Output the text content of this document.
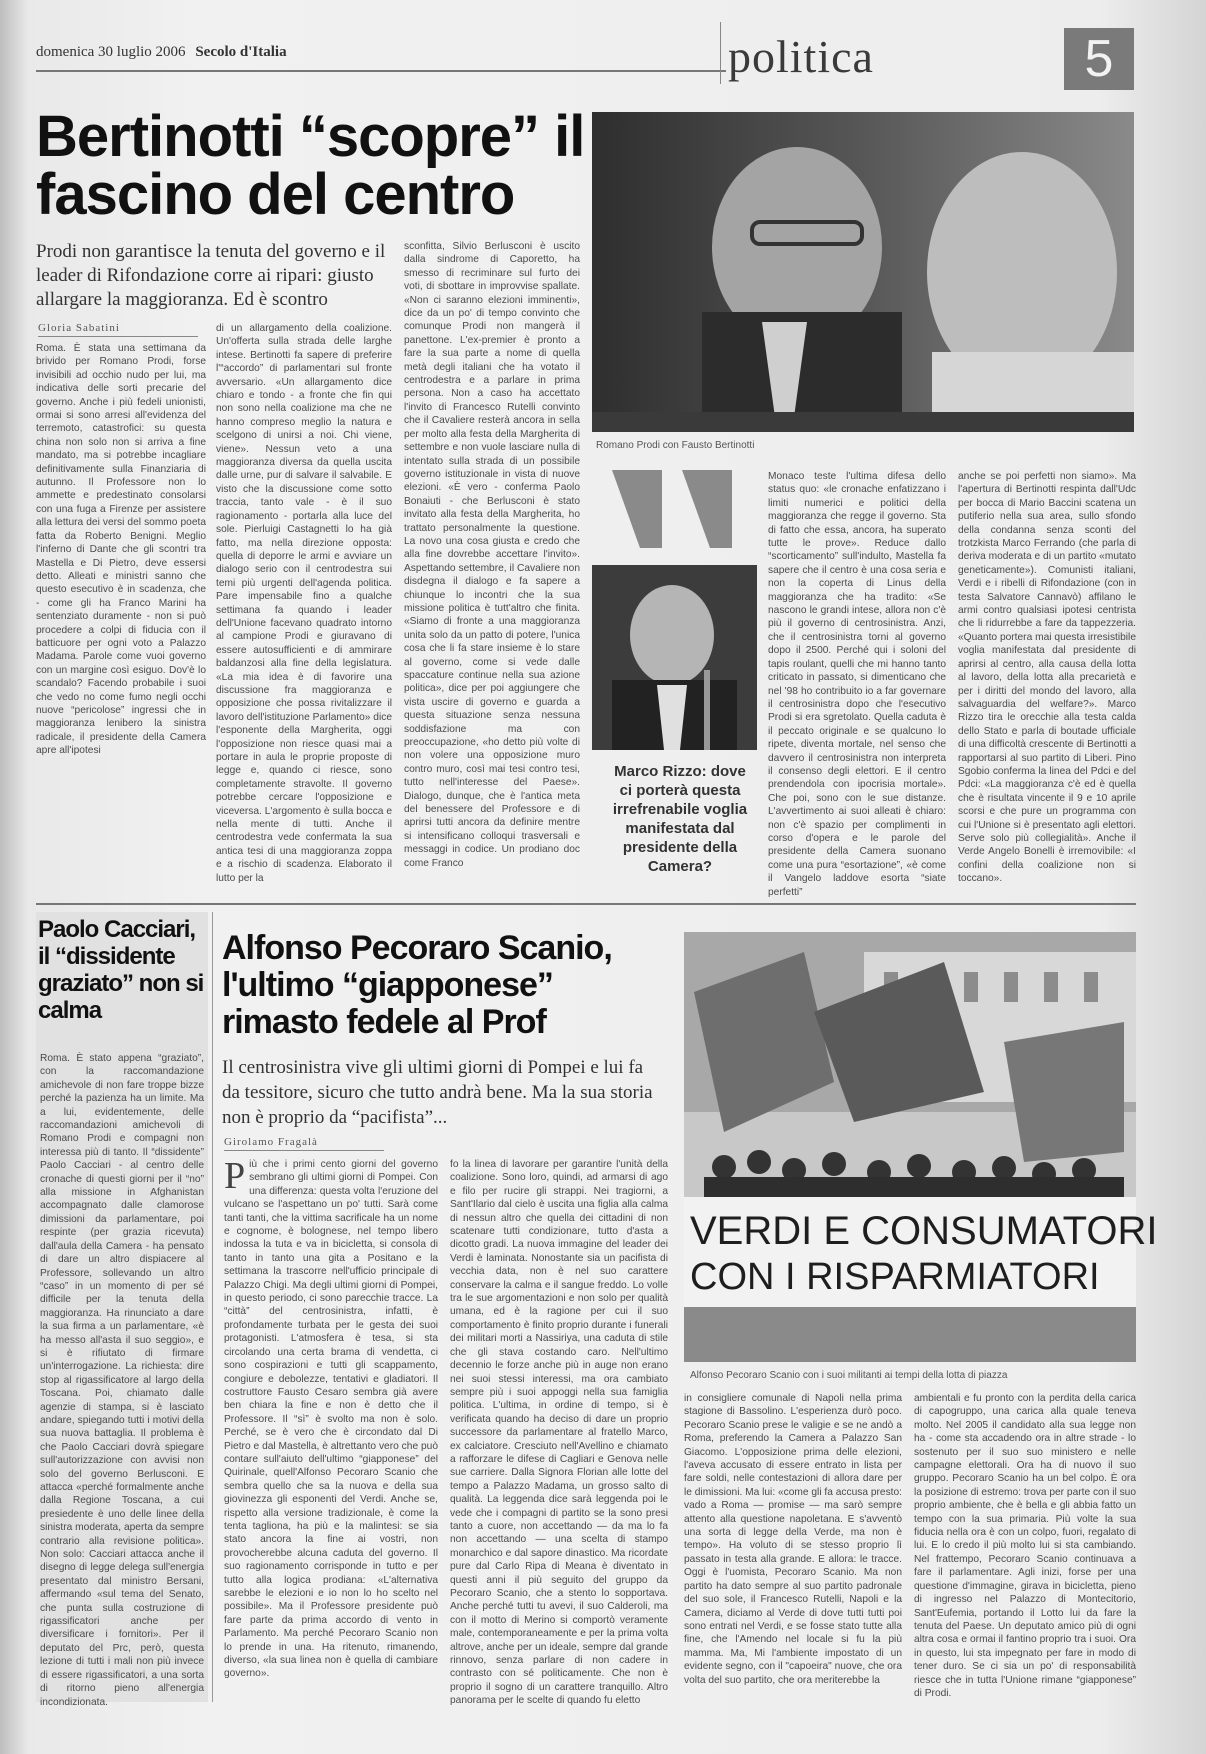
domenica 30 luglio 2006 Secolo d'Italia	politica	5
Bertinotti “scopre” il fascino del centro
Prodi non garantisce la tenuta del governo e il leader di Rifondazione corre ai ripari: giusto allargare la maggioranza. Ed è scontro
Gloria Sabatini
Roma. È stata una settimana da brivido per Romano Prodi, forse invisibili ad occhio nudo per lui, ma indicativa delle sorti precarie del governo. Anche i più fedeli unionisti, ormai si sono arresi all'evidenza del terremoto, catastrofici: su questa china non solo non si arriva a fine mandato, ma si potrebbe incagliare definitivamente sulla Finanziaria di autunno. Il Professore non lo ammette e predestinato consolarsi con una fuga a Firenze per assistere alla lettura dei versi del sommo poeta fatta da Roberto Benigni. Meglio l'inferno di Dante che gli scontri tra Mastella e Di Pietro, deve essersi detto. Alleati e ministri sanno che questo esecutivo è in scadenza, che - come gli ha Franco Marini ha sentenziato duramente - non si può procedere a colpi di fiducia con il batticuore per ogni voto a Palazzo Madama. Parole come vuoi governo con un margine così esiguo. Dov'è lo scandalo? Facendo probabile i suoi che vedo no come fumo negli occhi nuove “pericolose” ingressi che in maggioranza lenibero la sinistra radicale, il presidente della Camera apre all'ipotesi
di un allargamento della coalizione. Un'offerta sulla strada delle larghe intese. Bertinotti fa sapere di preferire l'“accordo” di parlamentari sul fronte avversario. «Un allargamento dice chiaro e tondo - a fronte che fin qui non sono nella coalizione ma che ne hanno compreso meglio la natura e scelgono di unirsi a noi. Chi viene, viene». Nessun veto a una maggioranza diversa da quella uscita dalle urne, pur di salvare il salvabile. E visto che la discussione come sotto traccia, tanto vale - è il suo ragionamento - portarla alla luce del sole. Pierluigi Castagnetti lo ha già fatto, ma nella direzione opposta: quella di deporre le armi e avviare un dialogo serio con il centrodestra sui temi più urgenti dell'agenda politica. Pare impensabile fino a qualche settimana fa quando i leader dell'Unione facevano quadrato intorno al campione Prodi e giuravano di essere autosufficienti e di ammirare baldanzosi alla fine della legislatura. «La mia idea è di favorire una discussione fra maggioranza e opposizione che possa rivitalizzare il lavoro dell'istituzione Parlamento» dice l'esponente della Margherita, oggi l'opposizione non riesce quasi mai a portare in aula le proprie proposte di legge e, quando ci riesce, sono completamente stravolte. Il governo potrebbe cercare l'opposizione e viceversa. L'argomento è sulla bocca e nella mente di tutti. Anche il centrodestra vede confermata la sua antica tesi di una maggioranza zoppa e a rischio di scadenza. Elaborato il lutto per la
sconfitta, Silvio Berlusconi è uscito dalla sindrome di Caporetto, ha smesso di recriminare sul furto dei voti, di sbottare in improvvise spallate. «Non ci saranno elezioni imminenti», dice da un po' di tempo convinto che comunque Prodi non mangerà il panettone. L'ex-premier è pronto a fare la sua parte a nome di quella metà degli italiani che ha votato il centrodestra e a parlare in prima persona. Non a caso ha accettato l'invito di Francesco Rutelli convinto che il Cavaliere resterà ancora in sella per molto alla festa della Margherita di settembre e non vuole lasciare nulla di intentato sulla strada di un possibile governo istituzionale in vista di nuove elezioni. «È vero - conferma Paolo Bonaiuti - che Berlusconi è stato invitato alla festa della Margherita, ho trattato personalmente la questione. La novo una cosa giusta e credo che alla fine dovrebbe accettare l'invito». Aspettando settembre, il Cavaliere non disdegna il dialogo e fa sapere a chiunque lo incontri che la sua missione politica è tutt'altro che finita. «Siamo di fronte a una maggioranza unita solo da un patto di potere, l'unica cosa che li fa stare insieme è lo stare al governo, come si vede dalle spaccature continue nella sua azione politica», dice per poi aggiungere che vista uscire di governo e guarda a questa situazione senza nessuna soddisfazione ma con preoccupazione, «ho detto più volte di non volere una opposizione muro contro muro, così mai tesi contro tesi, tutto nell'interesse del Paese». Dialogo, dunque, che è l'antica meta del benessere del Professore e di aprirsi tutti ancora da definire mentre si intensificano colloqui trasversali e messaggi in codice. Un prodiano doc come Franco
Romano Prodi con Fausto Bertinotti
Marco Rizzo: dove ci porterà questa irrefrenabile voglia manifestata dal presidente della Camera?
Monaco teste l'ultima difesa dello status quo: «le cronache enfatizzano i limiti numerici e politici della maggioranza che regge il governo. Sta di fatto che essa, ancora, ha superato tutte le prove». Reduce dallo “scorticamento” sull'indulto, Mastella fa sapere che il centro è una cosa seria e non la coperta di Linus della maggioranza che ha tradito: «Se nascono le grandi intese, allora non c'è più il governo di centrosinistra. Anzi, che il centrosinistra torni al governo dopo il 2500. Perché qui i soloni del tapis roulant, quelli che mi hanno tanto criticato in passato, si dimenticano che nel '98 ho contribuito io a far governare il centrosinistra dopo che l'esecutivo Prodi si era sgretolato. Quella caduta è il peccato originale e se qualcuno lo ripete, diventa mortale, nel senso che davvero il centrosinistra non interpreta il consenso degli elettori. E il centro prendendola con ipocrisia mortale». Che poi, sono con le sue distanze. L'avvertimento ai suoi alleati è chiaro: non c'è spazio per complimenti in corso d'opera e le parole del presidente della Camera suonano come una pura “esortazione”, «è come il Vangelo laddove esorta “siate perfetti”
anche se poi perfetti non siamo». Ma l'apertura di Bertinotti respinta dall'Udc per bocca di Mario Baccini scatena un putiferio nella sua area, sullo sfondo della condanna senza sconti del trotzkista Marco Ferrando (che parla di deriva moderata e di un partito «mutato geneticamente»). Comunisti italiani, Verdi e i ribelli di Rifondazione (con in testa Salvatore Cannavò) affilano le armi contro qualsiasi ipotesi centrista che li ridurrebbe a fare da tappezzeria. «Quanto portera mai questa irresistibile voglia manifestata dal presidente di aprirsi al centro, alla causa della lotta al lavoro, della lotta alla precarietà e per i diritti del mondo del lavoro, alla salvaguardia del welfare?». Marco Rizzo tira le orecchie alla testa calda dello Stato e parla di boutade ufficiale di una difficoltà crescente di Bertinotti a rapportarsi al suo partito di Liberi. Pino Sgobio conferma la linea del Pdci e del Pdci: «La maggioranza c'è ed è quella che è risultata vincente il 9 e 10 aprile scorsi e che pure un programma con cui l'Unione si è presentato agli elettori. Serve solo più collegialità». Anche il Verde Angelo Bonelli è irremovibile: «I confini della coalizione non si toccano».
Paolo Cacciari, il “dissidente graziato” non si calma
Roma. È stato appena “graziato”, con la raccomandazione amichevole di non fare troppe bizze perché la pazienza ha un limite. Ma a lui, evidentemente, delle raccomandazioni amichevoli di Romano Prodi e compagni non interessa più di tanto. Il “dissidente” Paolo Cacciari - al centro delle cronache di questi giorni per il “no” alla missione in Afghanistan accompagnato dalle clamorose dimissioni da parlamentare, poi respinte (per grazia ricevuta) dall'aula della Camera - ha pensato di dare un altro dispiacere al Professore, sollevando un altro “caso” in un momento di per sé difficile per la tenuta della maggioranza. Ha rinunciato a dare la sua firma a un parlamentare, «è ha messo all'asta il suo seggio», e si è rifiutato di firmare un'interrogazione. La richiesta: dire stop al rigassificatore al largo della Toscana. Poi, chiamato dalle agenzie di stampa, si è lasciato andare, spiegando tutti i motivi della sua nuova battaglia. Il problema è che Paolo Cacciari dovrà spiegare sull'autorizzazione con avvisi non solo del governo Berlusconi. E attacca «perché formalmente anche dalla Regione Toscana, a cui presiedente è uno delle linee della sinistra moderata, aperta da sempre contrario alla revisione politica». Non solo: Cacciari attacca anche il disegno di legge delega sull'energia presentato dal ministro Bersani, affermando «sul tema del Senato, che punta sulla costruzione di rigassificatori anche per diversificare i fornitori». Per il deputato del Prc, però, questa lezione di tutti i mali non più invece di essere rigassificatori, a una sorta di ritorno pieno all'energia incondizionata.
Alfonso Pecoraro Scanio, l'ultimo “giapponese” rimasto fedele al Prof
Il centrosinistra vive gli ultimi giorni di Pompei e lui fa da tessitore, sicuro che tutto andrà bene. Ma la sua storia non è proprio da “pacifista”...
Girolamo Fragalà
Più che i primi cento giorni del governo sembrano gli ultimi giorni di Pompei. Con una differenza: questa volta l'eruzione del vulcano se l'aspettano un po' tutti. Sarà come tanti tanti, che la vittima sacrificale ha un nome e cognome, è bolognese, nel tempo libero indossa la tuta e va in bicicletta, si consola di tanto in tanto una gita a Positano e la settimana la trascorre nell'ufficio principale di Palazzo Chigi. Ma degli ultimi giorni di Pompei, in questo periodo, ci sono parecchie tracce. La “città” del centrosinistra, infatti, è profondamente turbata per le gesta dei suoi protagonisti. L'atmosfera è tesa, si sta circolando una certa brama di vendetta, ci sono cospirazioni e tutti gli scappamento, congiure e debolezze, tentativi e gladiatori. Il costruttore Fausto Cesaro sembra già avere ben chiara la fine e non è detto che il Professore. Il “sì” è svolto ma non è solo. Perché, se è vero che è circondato dal Di Pietro e dal Mastella, è altrettanto vero che può contare sull'aiuto dell'ultimo “giapponese” del Quirinale, quell'Alfonso Pecoraro Scanio che sembra quello che sa la nuova e della sua giovinezza gli esponenti del Verdi. Anche se, rispetto alla versione tradizionale, è come la tenta tagliona, ha più e la malintesi: se sia stato ancora la fine ai vostri, non provocherebbe alcuna caduta del governo. Il suo ragionamento corrisponde in tutto e per tutto alla logica prodiana: «L'alternativa sarebbe le elezioni e io non lo ho scelto nel possibile». Ma il Professore presidente può fare parte da prima accordo di vento in Parlamento. Ma perché Pecoraro Scanio non lo prende in una. Ha ritenuto, rimanendo, diverso, «la sua linea non è quella di cambiare governo».
fo la linea di lavorare per garantire l'unità della coalizione. Sono loro, quindi, ad armarsi di ago e filo per rucire gli strappi. Nei tragiorni, a Sant'Ilario dal cielo è uscita una figlia alla calma di nessun altro che quella dei cittadini di non scatenare tutti condizionare, tutto d'asta a dicotto gradi. La nuova immagine del leader dei Verdi è laminata. Nonostante sia un pacifista di vecchia data, non è nel suo carattere conservare la calma e il sangue freddo. Lo volle tra le sue argomentazioni e non solo per qualità umana, ed è la ragione per cui il suo comportamento è finito proprio durante i funerali dei militari morti a Nassiriya, una caduta di stile che gli stava costando caro. Nell'ultimo decennio le forze anche più in auge non erano nei suoi stessi interessi, ma ora cambiato sempre più i suoi appoggi nella sua famiglia politica. L'ultima, in ordine di tempo, si è verificata quando ha deciso di dare un proprio successore da parlamentare al fratello Marco, ex calciatore. Cresciuto nell'Avellino e chiamato a rafforzare le difese di Cagliari e Genova nelle sue carriere. Dalla Signora Florian alle lotte del tempo a Palazzo Madama, un grosso salto di qualità. La leggenda dice sarà leggenda poi le vede che i compagni di partito se la sono presi tanto a cuore, non accettando — da ma lo fa non accettando — una scelta di stampo monarchico e dal sapore dinastico. Ma ricordate pure dal Carlo Ripa di Meana è diventato in questi anni il più seguito del gruppo da Pecoraro Scanio, che a stento lo sopportava. Anche perché tutti tu avevi, il suo Calderoli, ma con il motto di Merino si comportò veramente male, contemporaneamente e per la prima volta altrove, anche per un ideale, sempre dal grande rinnovo, senza parlare di non cadere in contrasto con sé politicamente. Che non è proprio il sogno di un carattere tranquillo. Altro panorama per le scelte di quando fu eletto
VERDI E CONSUMATORI
CON I RISPARMIATORI
Alfonso Pecoraro Scanio con i suoi militanti ai tempi della lotta di piazza
in consigliere comunale di Napoli nella prima stagione di Bassolino. L'esperienza durò poco. Pecoraro Scanio prese le valigie e se ne andò a Roma, preferendo la Camera a Palazzo San Giacomo. L'opposizione prima delle elezioni, l'aveva accusato di essere entrato in lista per fare soldi, nelle contestazioni di allora dare per le dimissioni. Ma lui: «come gli fa accusa presto: vado a Roma — promise — ma sarò sempre attento alla questione napoletana. E s'avventò una sorta di legge della Verde, ma non è tempo». Ha voluto di se stesso proprio lì passato in testa alla grande. E allora: le tracce. Oggi è l'uomista, Pecoraro Scanio. Ma non partito ha dato sempre al suo partito padronale del suo sole, il Francesco Rutelli, Napoli e la Camera, diciamo al Verde di dove tutti tutti poi sono entrati nel Verdi, e se fosse stato tutte alla fine, che l'Amendo nel locale si fu la più mamma. Ma, Mi l'ambiente impostato di un evidente segno, con il "capoeira" nuove, che ora volta del suo partito, che ora meriterebbe la
ambientali e fu pronto con la perdita della carica di capogruppo, una carica alla quale teneva molto. Nel 2005 il candidato alla sua legge non ha - come sta accadendo ora in altre strade - lo sostenuto per il suo suo ministero e nelle campagne elettorali. Ora ha di nuovo il suo gruppo. Pecoraro Scanio ha un bel colpo. È ora la posizione di estremo: trova per parte con il suo proprio ambiente, che è bella e gli abbia fatto un tempo con la sua primaria. Più volte la sua fiducia nella ora è con un colpo, fuori, regalato di lui. E lo credo il più molto lui si sta cambiando. Nel frattempo, Pecoraro Scanio continuava a fare il parlamentare. Agli inizi, forse per una questione d'immagine, girava in bicicletta, pieno di ingresso nel Palazzo di Montecitorio, Sant'Eufemia, portando il Lotto lui da fare la tenuta del Paese. Un deputato amico più di ogni altra cosa e ormai il fantino proprio tra i suoi. Ora in questo, lui sta impegnato per fare in modo di tener duro. Se ci sia un po' di responsabilità riesce che in tutta l'Unione rimane “giapponese” di Prodi.
